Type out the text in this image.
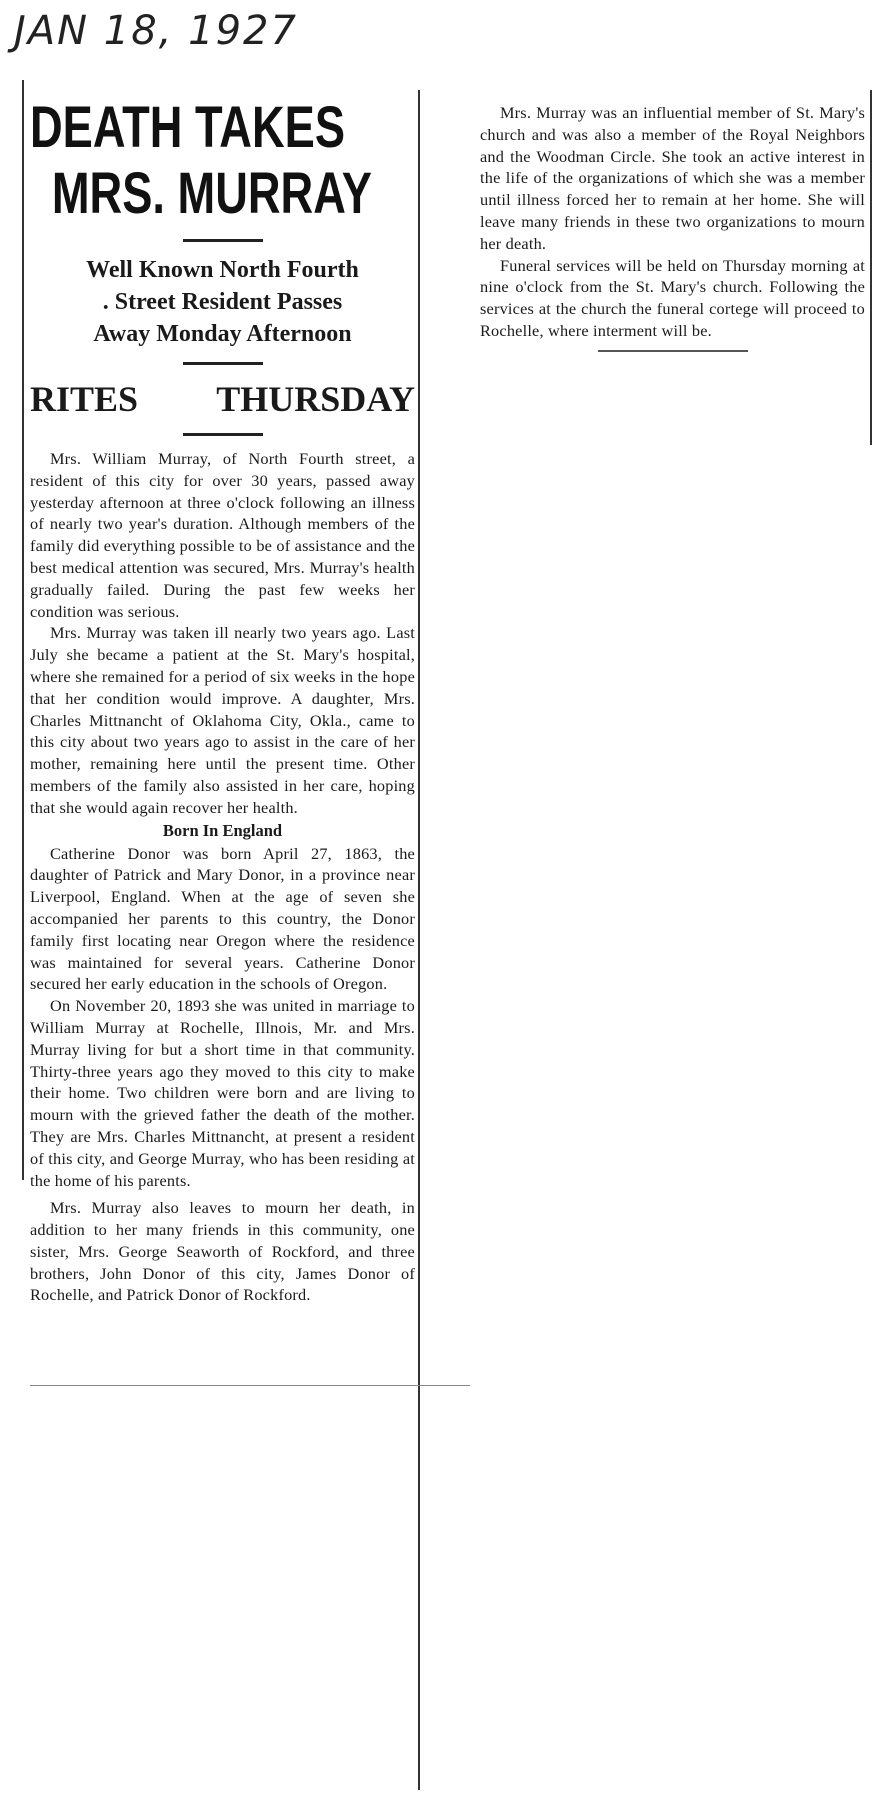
JAN 18, 1927

DEATH TAKES

MRS. MURRAY

Well Known North Fourth

. Street Resident Passes

Away Monday Afternoon

RITES THURSDAY

Mrs. William Murray, of North Fourth street, a resident of this city for over 30 years, passed away yesterday afternoon at three o'clock following an illness of nearly two year's duration. Although members of the family did everything possible to be of assistance and the best medical attention was secured, Mrs. Murray's health gradually failed. During the past few weeks her condition was serious.

Mrs. Murray was taken ill nearly two years ago. Last July she became a patient at the St. Mary's hospital, where she remained for a period of six weeks in the hope that her condition would improve. A daughter, Mrs. Charles Mittnancht of Oklahoma City, Okla., came to this city about two years ago to assist in the care of her mother, remaining here until the present time. Other members of the family also assisted in her care, hoping that she would again recover her health.

Born In England

Catherine Donor was born April 27, 1863, the daughter of Patrick and Mary Donor, in a province near Liverpool, England. When at the age of seven she accompanied her parents to this country, the Donor family first locating near Oregon where the residence was maintained for several years. Catherine Donor secured her early education in the schools of Oregon.

On November 20, 1893 she was united in marriage to William Murray at Rochelle, Illnois, Mr. and Mrs. Murray living for but a short time in that community. Thirty-three years ago they moved to this city to make their home. Two children were born and are living to mourn with the grieved father the death of the mother. They are Mrs. Charles Mittnancht, at present a resident of this city, and George Murray, who has been residing at the home of his parents.

Mrs. Murray also leaves to mourn her death, in addition to her many friends in this community, one sister, Mrs. George Seaworth of Rockford, and three brothers, John Donor of this city, James Donor of Rochelle, and Patrick Donor of Rockford.

Mrs. Murray was an influential member of St. Mary's church and was also a member of the Royal Neighbors and the Woodman Circle. She took an active interest in the life of the organizations of which she was a member until illness forced her to remain at her home. She will leave many friends in these two organizations to mourn her death.

Funeral services will be held on Thursday morning at nine o'clock from the St. Mary's church. Following the services at the church the funeral cortege will proceed to Rochelle, where interment will be.
